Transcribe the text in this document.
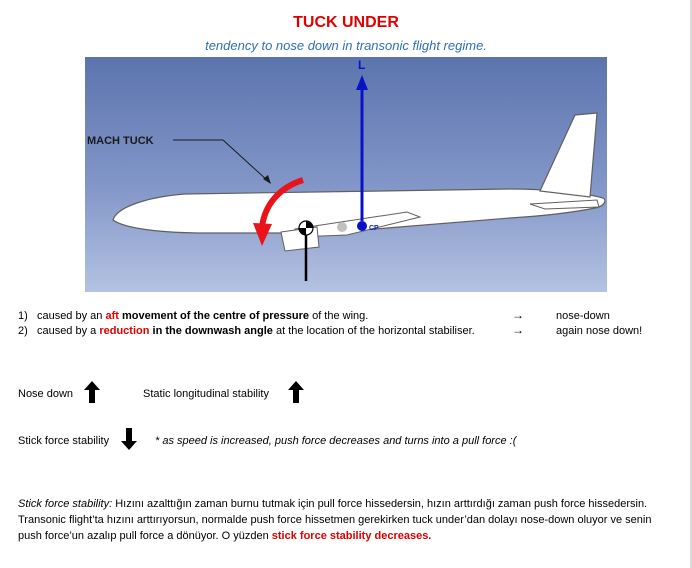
TUCK UNDER
tendency to nose down in transonic flight regime.
CP
L
MACH TUCK
1) caused by an aft movement of the centre of pressure of the wing.	→	nose-down
2) caused by a reduction in the downwash angle at the location of the horizontal stabiliser.	→	again nose down!
Nose down	Static longitudinal stability
Stick force stability	* as speed is increased, push force decreases and turns into a pull force :(
Stick force stability: Hızını azalttığın zaman burnu tutmak için pull force hissedersin, hızın arttırdığı zaman push force hissedersin. Transonic flight’ta hızını arttırıyorsun, normalde push force hissetmen gerekirken tuck under’dan dolayı nose-down oluyor ve senin push force’un azalıp pull force a dönüyor. O yüzden stick force stability decreases.
